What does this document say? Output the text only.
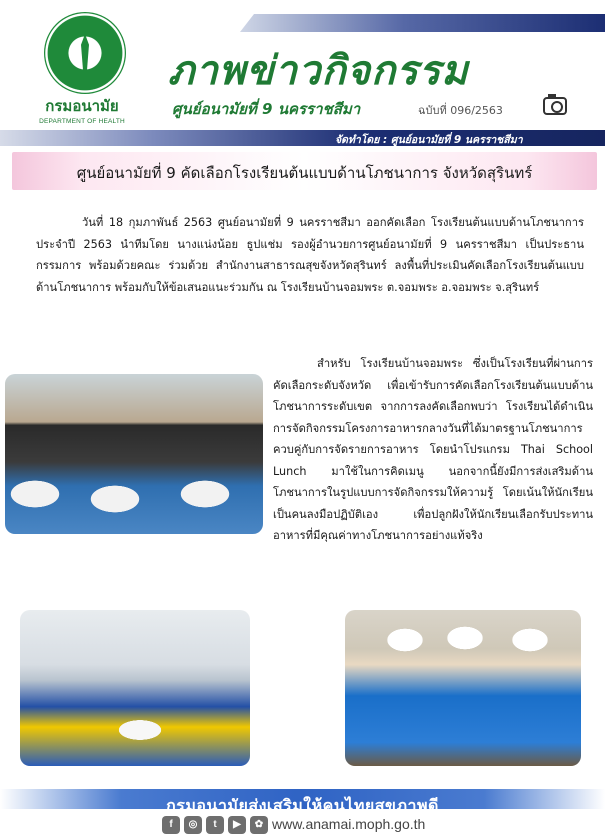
กรมอนามัย
DEPARTMENT OF HEALTH
ภาพข่าวกิจกรรม
ศูนย์อนามัยที่ 9 นครราชสีมา	ฉบับที่ 096/2563
จัดทำโดย : ศูนย์อนามัยที่ 9 นครราชสีมา
ศูนย์อนามัยที่ 9 คัดเลือกโรงเรียนต้นแบบด้านโภชนาการ จังหวัดสุรินทร์

วันที่ 18 กุมภาพันธ์ 2563 ศูนย์อนามัยที่ 9 นครราชสีมา ออกคัดเลือก โรงเรียนต้นแบบด้านโภชนาการ ประจำปี 2563 นำทีมโดย นางแน่งน้อย ธูปแช่ม รองผู้อำนวยการศูนย์อนามัยที่ 9 นครราชสีมา เป็นประธานกรรมการ พร้อมด้วยคณะ ร่วมด้วย สำนักงานสาธารณสุขจังหวัดสุรินทร์ ลงพื้นที่ประเมินคัดเลือกโรงเรียนต้นแบบด้านโภชนาการ พร้อมกับให้ข้อเสนอแนะร่วมกัน ณ โรงเรียนบ้านจอมพระ ต.จอมพระ อ.จอมพระ จ.สุรินทร์

สำหรับ โรงเรียนบ้านจอมพระ ซึ่งเป็นโรงเรียนที่ผ่านการคัดเลือกระดับจังหวัด เพื่อเข้ารับการคัดเลือกโรงเรียนต้นแบบด้านโภชนาการระดับเขต จากการลงคัดเลือกพบว่า โรงเรียนได้ดำเนินการจัดกิจกรรมโครงการอาหารกลางวันที่ได้มาตรฐานโภชนาการ ควบคู่กับการจัดรายการอาหาร โดยนำโปรแกรม Thai School Lunch มาใช้ในการคิดเมนู นอกจากนี้ยังมีการส่งเสริมด้านโภชนาการในรูปแบบการจัดกิจกรรมให้ความรู้ โดยเน้นให้นักเรียนเป็นคนลงมือปฏิบัติเอง เพื่อปลูกฝังให้นักเรียนเลือกรับประทานอาหารที่มีคุณค่าทางโภชนาการอย่างแท้จริง

กรมอนามัยส่งเสริมให้คนไทยสุขภาพดี
f	◎	t	▶	✿ www.anamai.moph.go.th
